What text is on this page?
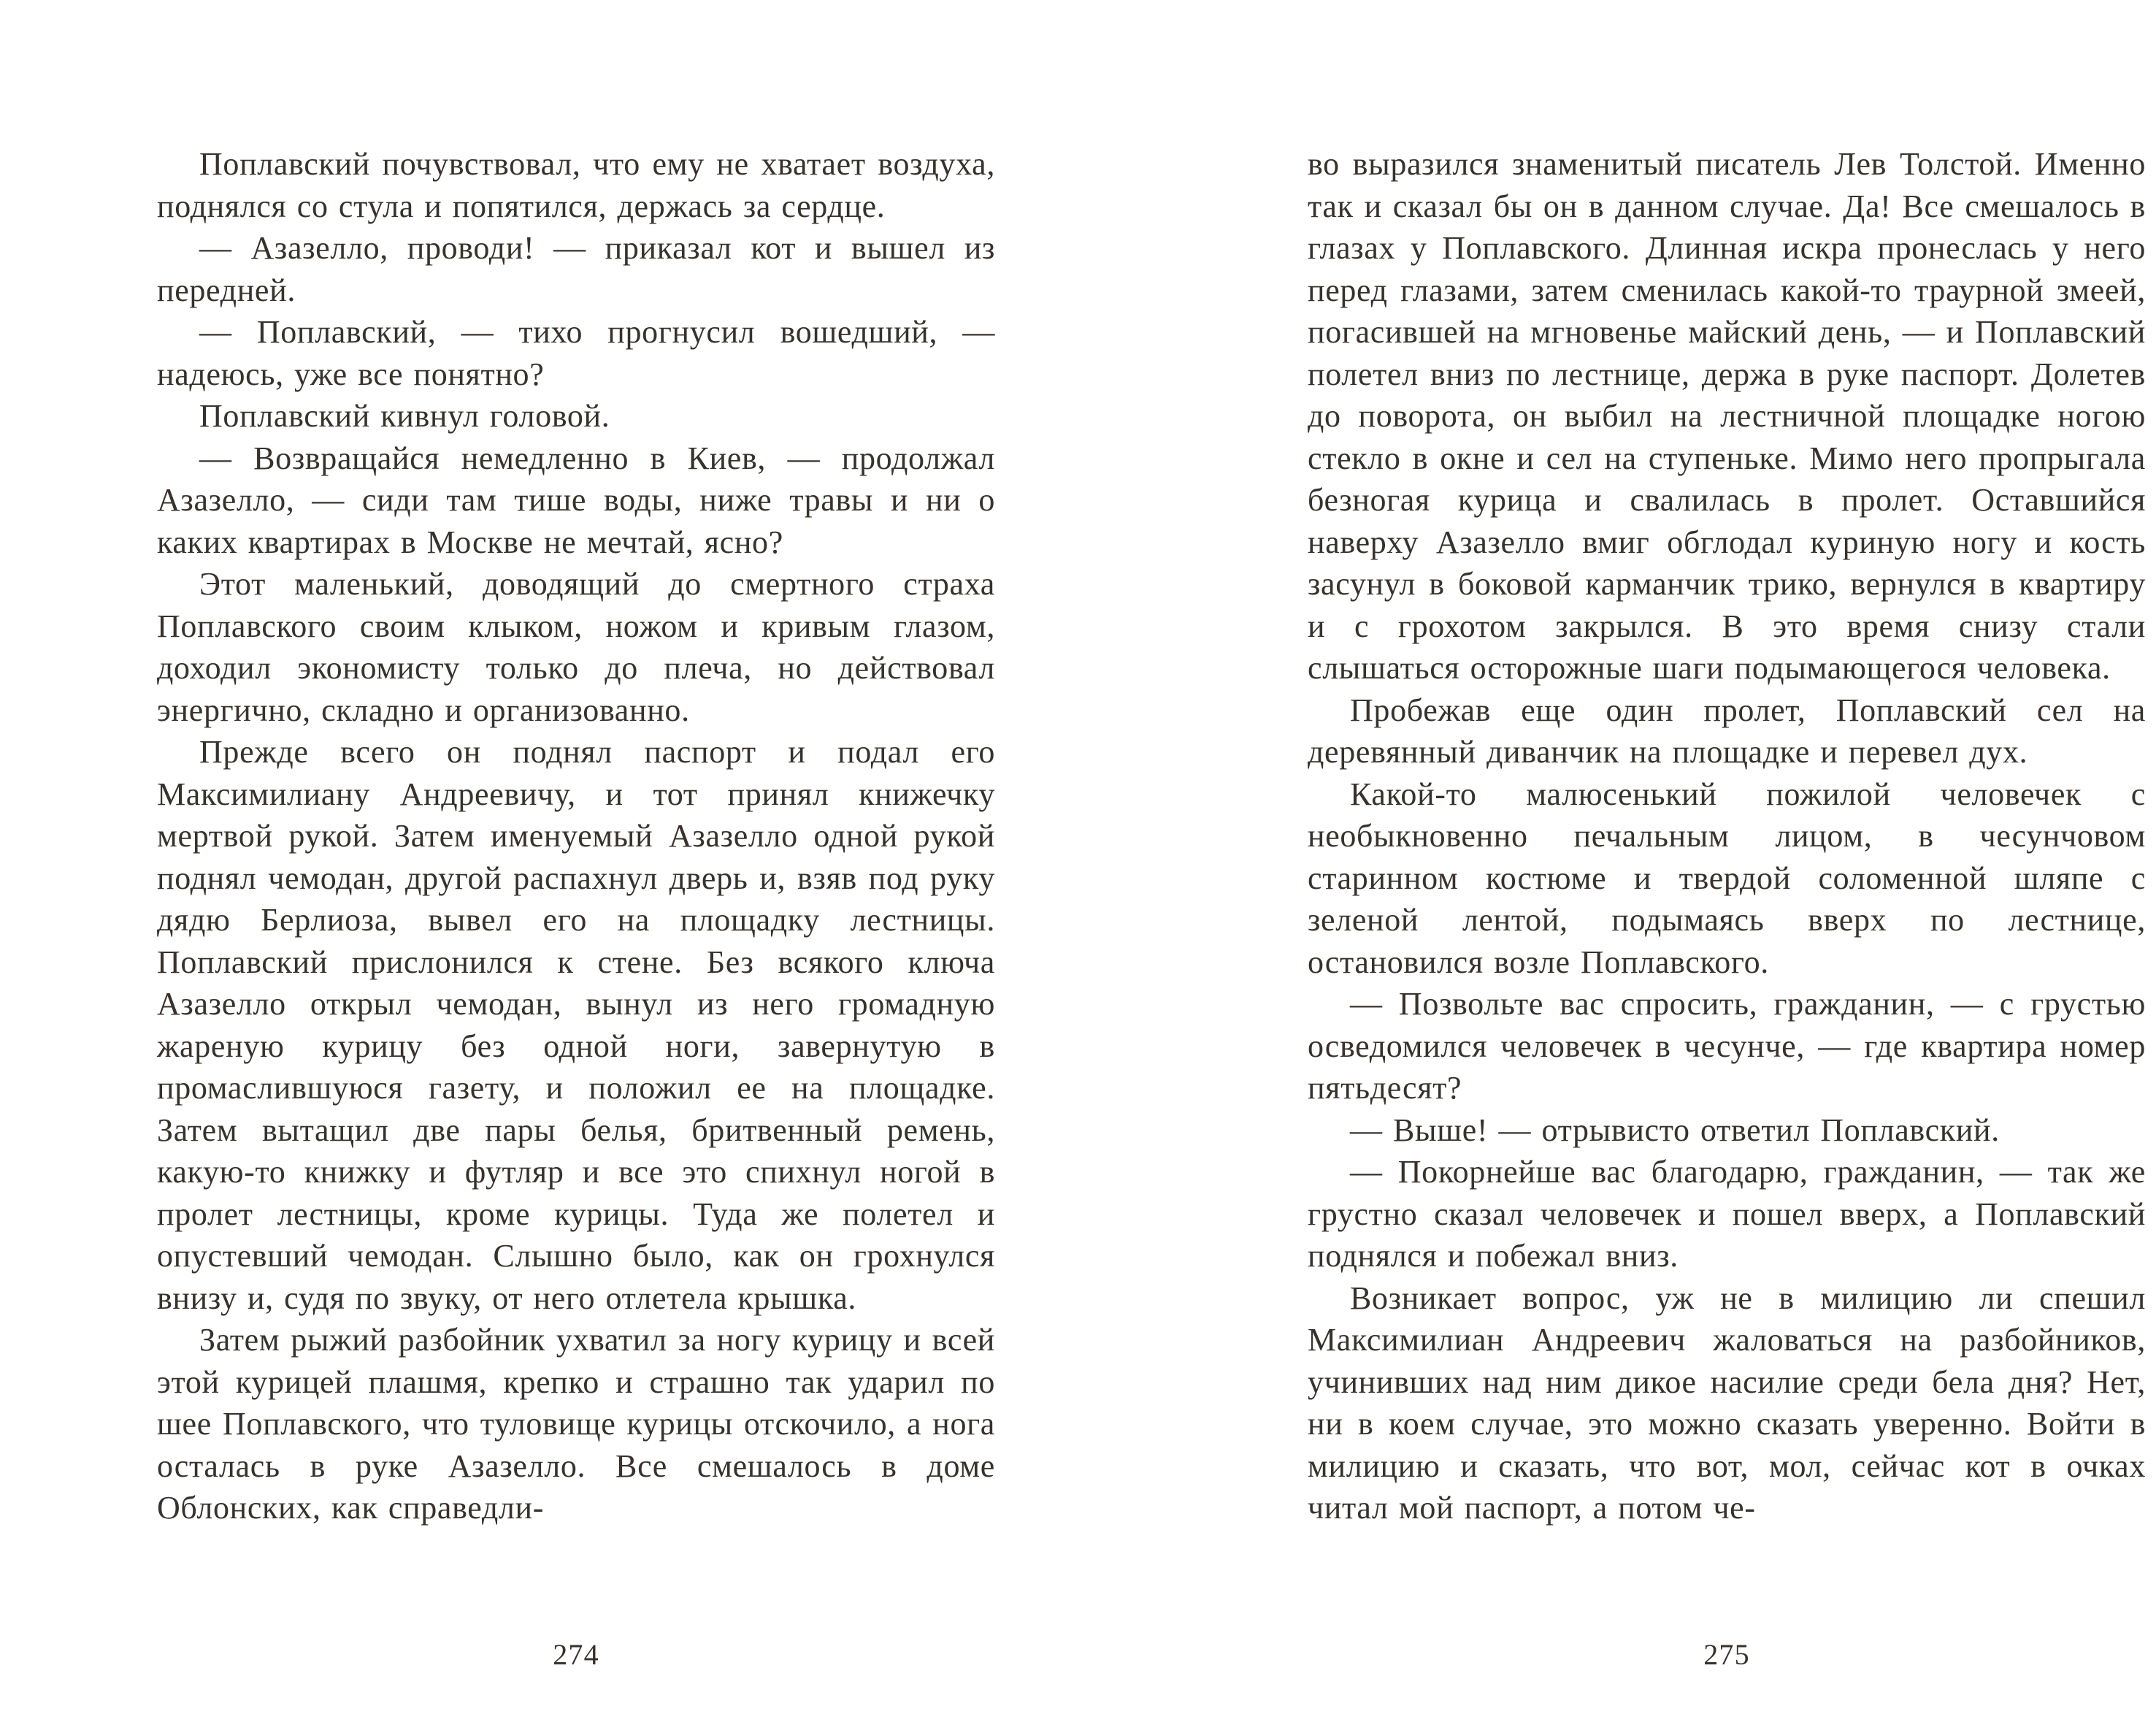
Поплавский почувствовал, что ему не хватает воздуха, поднялся со стула и попятился, держась за сердце.

— Азазелло, проводи! — приказал кот и вышел из передней.

— Поплавский, — тихо прогнусил вошедший, — надеюсь, уже все понятно?

Поплавский кивнул головой.

— Возвращайся немедленно в Киев, — продолжал Азазелло, — сиди там тише воды, ниже травы и ни о каких квартирах в Москве не мечтай, ясно?

Этот маленький, доводящий до смертного страха Поплавского своим клыком, ножом и кривым глазом, доходил экономисту только до плеча, но действовал энергично, складно и организованно.

Прежде всего он поднял паспорт и подал его Максимилиану Андреевичу, и тот принял книжечку мертвой рукой. Затем именуемый Азазелло одной рукой поднял чемодан, другой распахнул дверь и, взяв под руку дядю Берлиоза, вывел его на площадку лестницы. Поплавский прислонился к стене. Без всякого ключа Азазелло открыл чемодан, вынул из него громадную жареную курицу без одной ноги, завернутую в промаслившуюся газету, и положил ее на площадке. Затем вытащил две пары белья, бритвенный ремень, какую-то книжку и футляр и все это спихнул ногой в пролет лестницы, кроме курицы. Туда же полетел и опустевший чемодан. Слышно было, как он грохнулся внизу и, судя по звуку, от него отлетела крышка.

Затем рыжий разбойник ухватил за ногу курицу и всей этой курицей плашмя, крепко и страшно так ударил по шее Поплавского, что туловище курицы отскочило, а нога осталась в руке Азазелло. Все смешалось в доме Облонских, как справедли-

274

во выразился знаменитый писатель Лев Толстой. Именно так и сказал бы он в данном случае. Да! Все смешалось в глазах у Поплавского. Длинная искра пронеслась у него перед глазами, затем сменилась какой-то траурной змеей, погасившей на мгновенье майский день, — и Поплавский полетел вниз по лестнице, держа в руке паспорт. Долетев до поворота, он выбил на лестничной площадке ногою стекло в окне и сел на ступеньке. Мимо него пропрыгала безногая курица и свалилась в пролет. Оставшийся наверху Азазелло вмиг обглодал куриную ногу и кость засунул в боковой карманчик трико, вернулся в квартиру и с грохотом закрылся. В это время снизу стали слышаться осторожные шаги подымающегося человека.

Пробежав еще один пролет, Поплавский сел на деревянный диванчик на площадке и перевел дух.

Какой-то малюсенький пожилой человечек с необыкновенно печальным лицом, в чесунчовом старинном костюме и твердой соломенной шляпе с зеленой лентой, подымаясь вверх по лестнице, остановился возле Поплавского.

— Позвольте вас спросить, гражданин, — с грустью осведомился человечек в чесунче, — где квартира номер пятьдесят?

— Выше! — отрывисто ответил Поплавский.

— Покорнейше вас благодарю, гражданин, — так же грустно сказал человечек и пошел вверх, а Поплавский поднялся и побежал вниз.

Возникает вопрос, уж не в милицию ли спешил Максимилиан Андреевич жаловаться на разбойников, учинивших над ним дикое насилие среди бела дня? Нет, ни в коем случае, это можно сказать уверенно. Войти в милицию и сказать, что вот, мол, сейчас кот в очках читал мой паспорт, а потом че-

275
